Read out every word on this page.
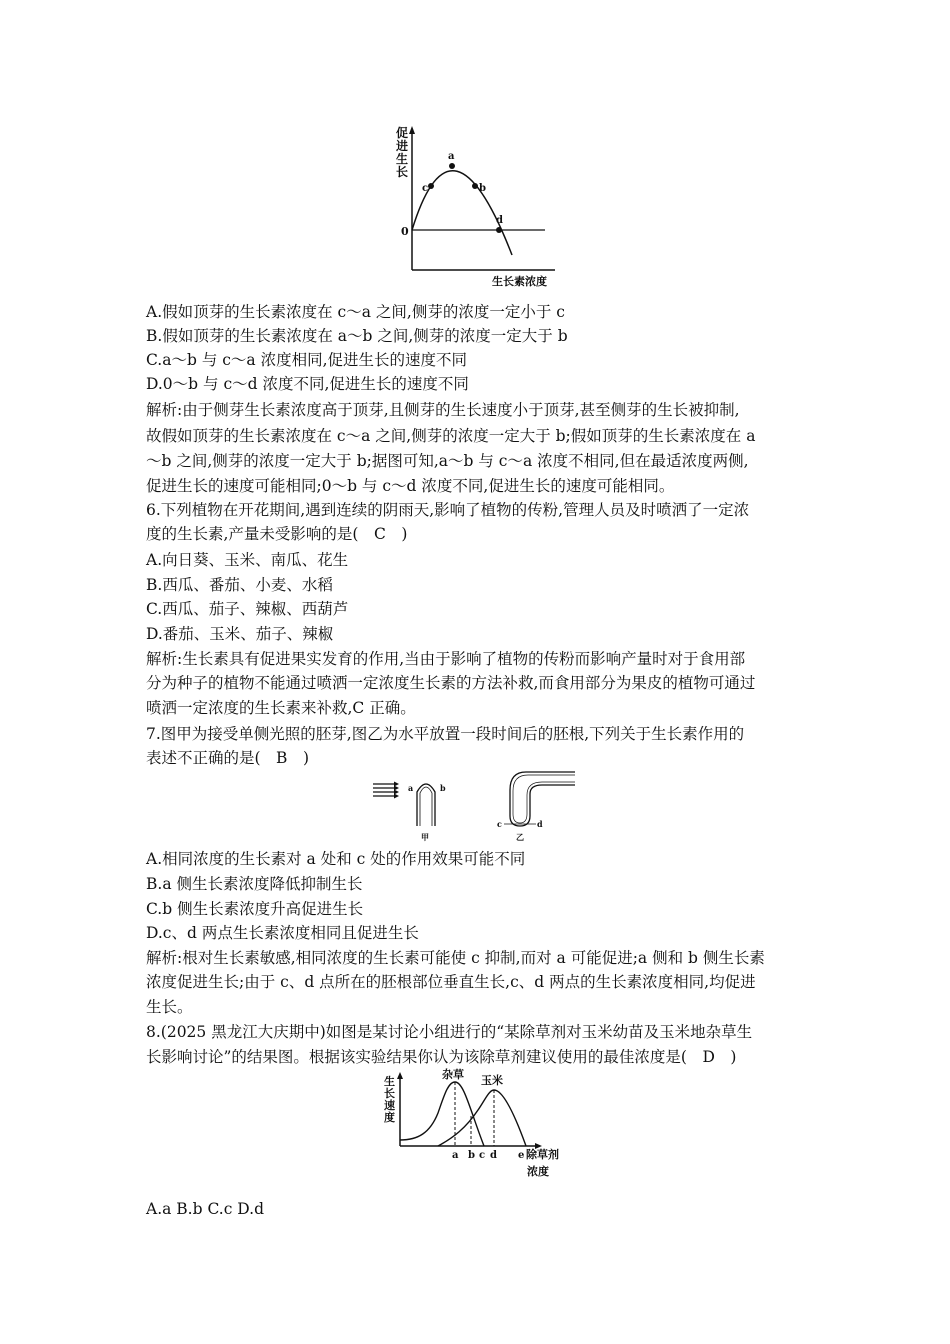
促
进
生
长
0
a
c	b
d
生长素浓度
A.假如顶芽的生长素浓度在 c～a 之间,侧芽的浓度一定小于 c
B.假如顶芽的生长素浓度在 a～b 之间,侧芽的浓度一定大于 b
C.a～b 与 c～a 浓度相同,促进生长的速度不同
D.0～b 与 c～d 浓度不同,促进生长的速度不同
解析:由于侧芽生长素浓度高于顶芽,且侧芽的生长速度小于顶芽,甚至侧芽的生长被抑制,
故假如顶芽的生长素浓度在 c～a 之间,侧芽的浓度一定大于 b;假如顶芽的生长素浓度在 a
～b 之间,侧芽的浓度一定大于 b;据图可知,a～b 与 c～a 浓度不相同,但在最适浓度两侧,
促进生长的速度可能相同;0～b 与 c～d 浓度不同,促进生长的速度可能相同。
6.下列植物在开花期间,遇到连续的阴雨天,影响了植物的传粉,管理人员及时喷洒了一定浓
度的生长素,产量未受影响的是(　C　)
A.向日葵、玉米、南瓜、花生
B.西瓜、番茄、小麦、水稻
C.西瓜、茄子、辣椒、西葫芦
D.番茄、玉米、茄子、辣椒
解析:生长素具有促进果实发育的作用,当由于影响了植物的传粉而影响产量时对于食用部
分为种子的植物不能通过喷洒一定浓度生长素的方法补救,而食用部分为果皮的植物可通过
喷洒一定浓度的生长素来补救,C 正确。
7.图甲为接受单侧光照的胚芽,图乙为水平放置一段时间后的胚根,下列关于生长素作用的
表述不正确的是(　B　)
a	b
甲
c	d
乙
A.相同浓度的生长素对 a 处和 c 处的作用效果可能不同
B.a 侧生长素浓度降低抑制生长
C.b 侧生长素浓度升高促进生长
D.c、d 两点生长素浓度相同且促进生长
解析:根对生长素敏感,相同浓度的生长素可能使 c 抑制,而对 a 可能促进;a 侧和 b 侧生长素
浓度促进生长;由于 c、d 点所在的胚根部位垂直生长,c、d 两点的生长素浓度相同,均促进
生长。
8.(2025 黑龙江大庆期中)如图是某讨论小组进行的“某除草剂对玉米幼苗及玉米地杂草生
长影响讨论”的结果图。根据该实验结果你认为该除草剂建议使用的最佳浓度是(　D　)
生
长
速
度
杂草 玉米
a b c d e 除草剂
浓度
A.a B.b C.c D.d
